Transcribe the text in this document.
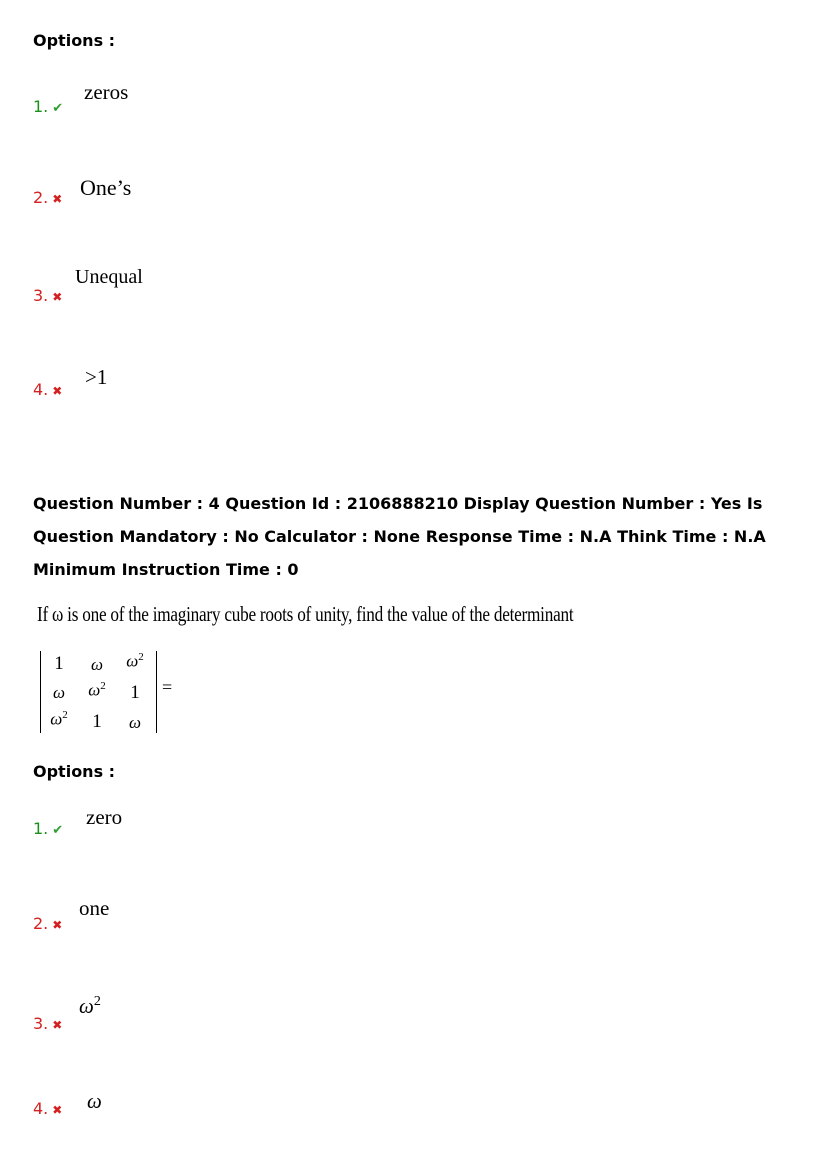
Options :
1. ✔
zeros
2. ✖ One’s
3. ✖
Unequal
4. ✖
>1
Question Number : 4 Question Id : 2106888210 Display Question Number : Yes Is Question Mandatory : No Calculator : None Response Time : N.A Think Time : N.A Minimum Instruction Time : 0
If ω is one of the imaginary cube roots of unity, find the value of the determinant
1	ω	$\omega^2$
ω	$\omega^2$	1
$\omega^2$	1	ω
=
Options :
1. ✔
zero
2. ✖
one
3. ✖
$\omega^2$
4. ✖ ω
